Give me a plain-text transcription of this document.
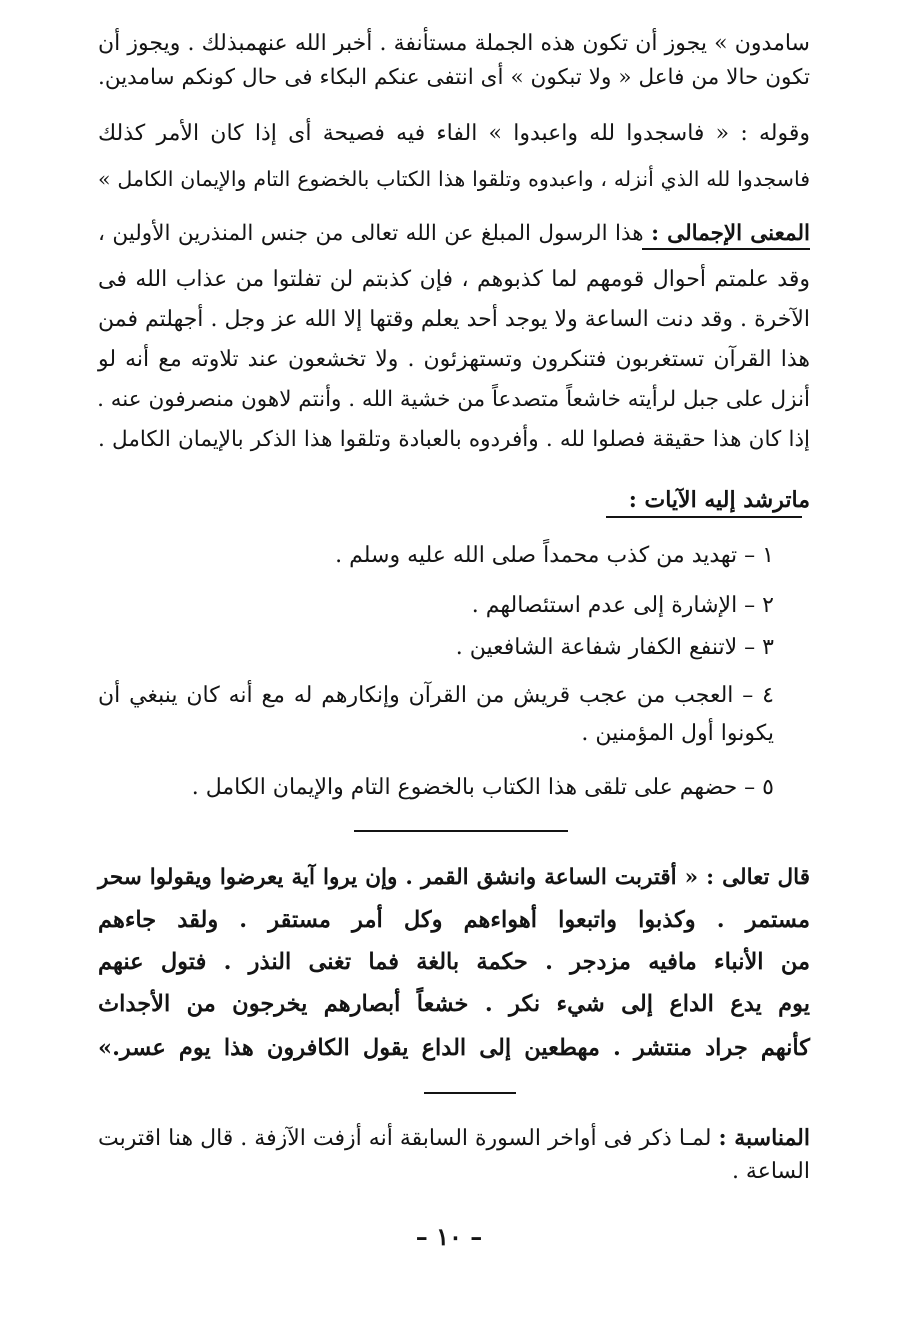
سامدون » يجوز أن تكون هذه الجملة مستأنفة . أخبر الله عنهمبذلك . ويجوز أن
تكون حالا من فاعل « ولا تبكون » أى انتفى عنكم البكاء فى حال كونكم سامدين.
وقوله : « فاسجدوا لله واعبدوا » الفاء فيه فصيحة أى إذا كان الأمر كذلك
فاسجدوا لله الذي أنزله ، واعبدوه وتلقوا هذا الكتاب بالخضوع التام والإيمان الكامل »
المعنى الإجمالى : هذا الرسول المبلغ عن الله تعالى من جنس المنذرين الأولين ،
وقد علمتم أحوال قومهم لما كذبوهم ، فإن كذبتم لن تفلتوا من عذاب الله فى
الآخرة . وقد دنت الساعة ولا يوجد أحد يعلم وقتها إلا الله عز وجل . أجهلتم فمن
هذا القرآن تستغربون فتنكرون وتستهزئون . ولا تخشعون عند تلاوته مع أنه لو
أنزل على جبل لرأيته خاشعاً متصدعاً من خشية الله . وأنتم لاهون منصرفون عنه .
إذا كان هذا حقيقة فصلوا لله . وأفردوه بالعبادة وتلقوا هذا الذكر بالإيمان الكامل .
ماترشد إليه الآيات :
١ – تهديد من كذب محمداً صلى الله عليه وسلم .
٢ – الإشارة إلى عدم استئصالهم .
٣ – لاتنفع الكفار شفاعة الشافعين .
٤ – العجب من عجب قريش من القرآن وإنكارهم له مع أنه كان ينبغي أن
يكونوا أول المؤمنين .
٥ – حضهم على تلقى هذا الكتاب بالخضوع التام والإيمان الكامل .
قال تعالى : « أقتربت الساعة وانشق القمر . وإن يروا آية يعرضوا ويقولوا سحر
مستمر . وكذبوا واتبعوا أهواءهم وكل أمر مستقر . ولقد جاءهم
من الأنباء مافيه مزدجر . حكمة بالغة فما تغنى النذر . فتول عنهم
يوم يدع الداع إلى شيء نكر . خشعاً أبصارهم يخرجون من الأجداث
كأنهم جراد منتشر . مهطعين إلى الداع يقول الكافرون هذا يوم عسر.»
المناسبة : لمـا ذكر فى أواخر السورة السابقة أنه أزفت الآزفة . قال هنا اقتربت
الساعة .
– ١٠ –
